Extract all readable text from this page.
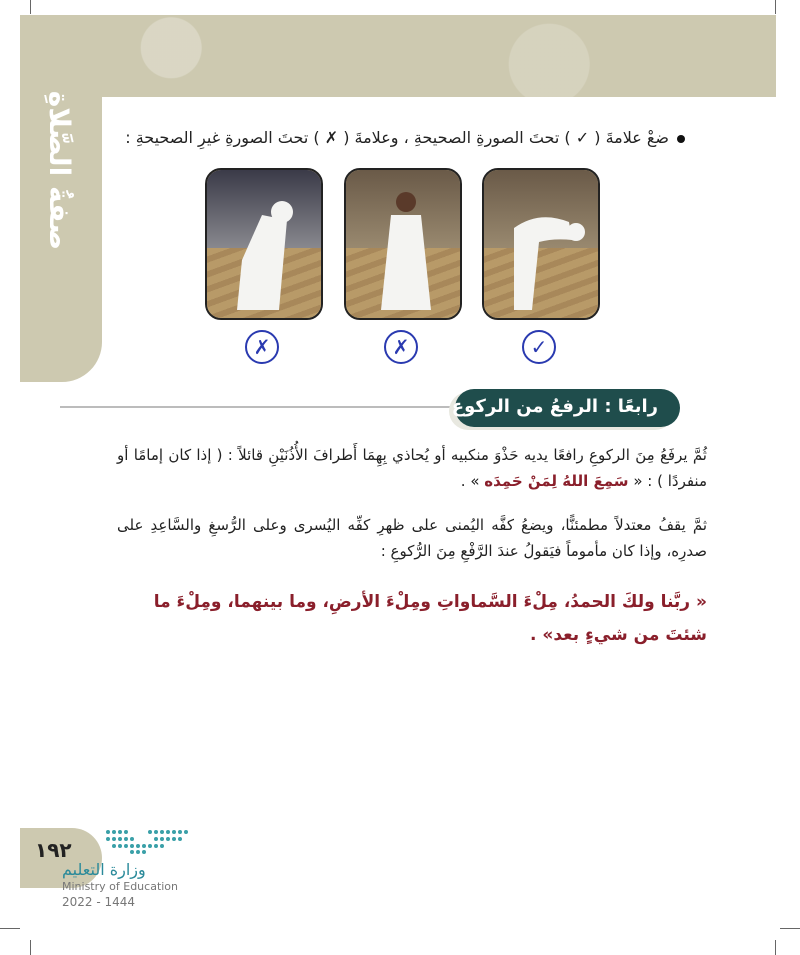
صفةُ الصَّلاةِ	ضعْ علامةَ ( ✓ ) تحتَ الصورةِ الصحيحةِ ، وعلامةَ ( ✗ ) تحتَ الصورةِ غيرِ الصحيحةِ :
✓
✗
✗
رابعًا : الرفعُ من الركوع
ثُمَّ يرفَعُ مِنَ الركوعِ رافعًا يديه حَذْوَ منكبيه أو يُحاذي بِهِمَا أَطرافَ الأُذُنَيْنِ قائلاً : ( إذا كان إمامًا أو منفردًا ) : « سَمِعَ اللهُ لِمَنْ حَمِدَه » .
ثمَّ يقفُ معتدلاً مطمئنًّا، ويضعُ كفَّه اليُمنى على ظهرِ كفِّه اليُسرى وعلى الرُّسغِ والسَّاعِدِ على صدرِه، وإذا كان مأموماً فيَقولُ عندَ الرَّفْعِ مِنَ الرُّكوعِ :
« ربَّنا ولكَ الحمدُ، مِلْءَ السَّماواتِ ومِلْءَ الأرضِ، وما بينهما، ومِلْءَ ما شئتَ من شيءٍ بعد» .
١٩٢
وزارة التعليم
Ministry of Education
2022 - 1444
